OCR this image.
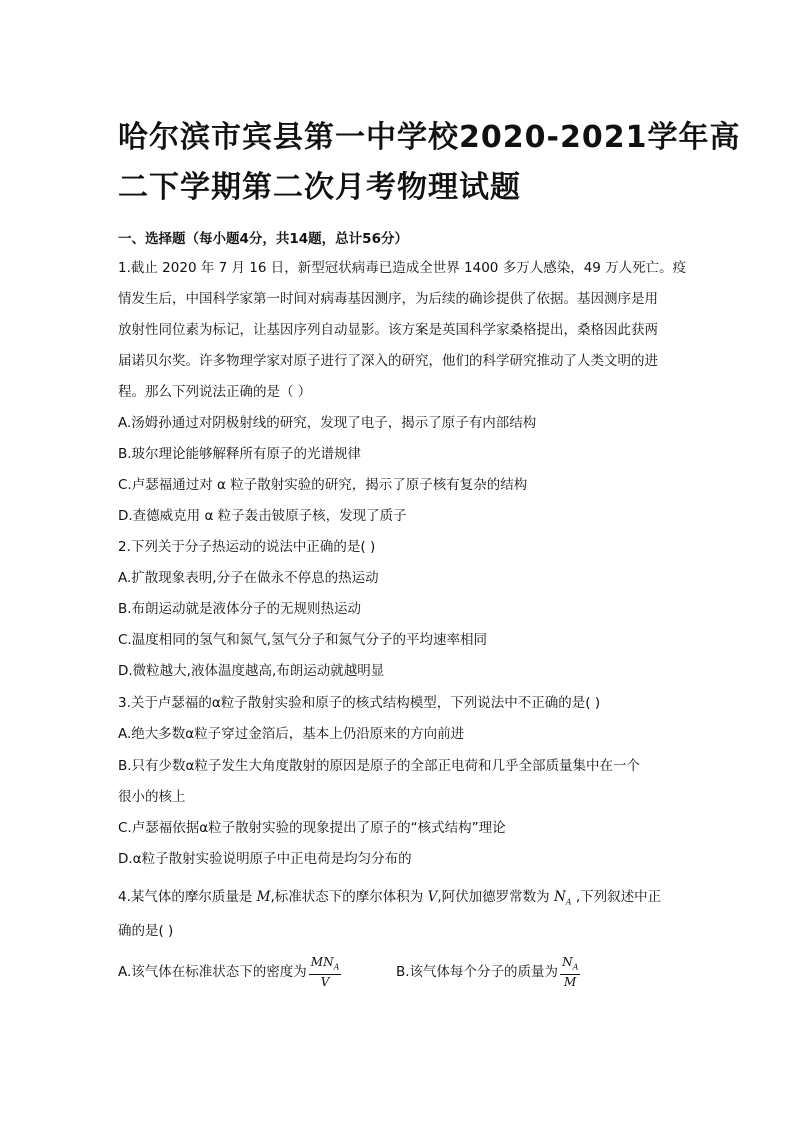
哈尔滨市宾县第一中学校2020-2021学年高
二下学期第二次月考物理试题
一、选择题（每小题4分，共14题，总计56分）
1.截止 2020 年 7 月 16 日，新型冠状病毒已造成全世界 1400 多万人感染，49 万人死亡。疫
情发生后，中国科学家第一时间对病毒基因测序，为后续的确诊提供了依据。基因测序是用
放射性同位素为标记，让基因序列自动显影。该方案是英国科学家桑格提出，桑格因此获两
届诺贝尔奖。许多物理学家对原子进行了深入的研究，他们的科学研究推动了人类文明的进
程。那么下列说法正确的是（ ）
A.汤姆孙通过对阴极射线的研究，发现了电子，揭示了原子有内部结构
B.玻尔理论能够解释所有原子的光谱规律
C.卢瑟福通过对 α 粒子散射实验的研究，揭示了原子核有复杂的结构
D.查德威克用 α 粒子轰击铍原子核，发现了质子
2.下列关于分子热运动的说法中正确的是( )
A.扩散现象表明,分子在做永不停息的热运动
B.布朗运动就是液体分子的无规则热运动
C.温度相同的氢气和氮气,氢气分子和氮气分子的平均速率相同
D.微粒越大,液体温度越高,布朗运动就越明显
3.关于卢瑟福的α粒子散射实验和原子的核式结构模型，下列说法中不正确的是( )
A.绝大多数α粒子穿过金箔后，基本上仍沿原来的方向前进
B.只有少数α粒子发生大角度散射的原因是原子的全部正电荷和几乎全部质量集中在一个
很小的核上
C.卢瑟福依据α粒子散射实验的现象提出了原子的“核式结构”理论
D.α粒子散射实验说明原子中正电荷是均匀分布的
4.某气体的摩尔质量是 M,标准状态下的摩尔体积为 V,阿伏加德罗常数为 $N_A$ ,下列叙述中正
确的是( )
A.该气体在标准状态下的密度为 $\frac{MN_A}{V}$	B.该气体每个分子的质量为 $\frac{N_A}{M}$
